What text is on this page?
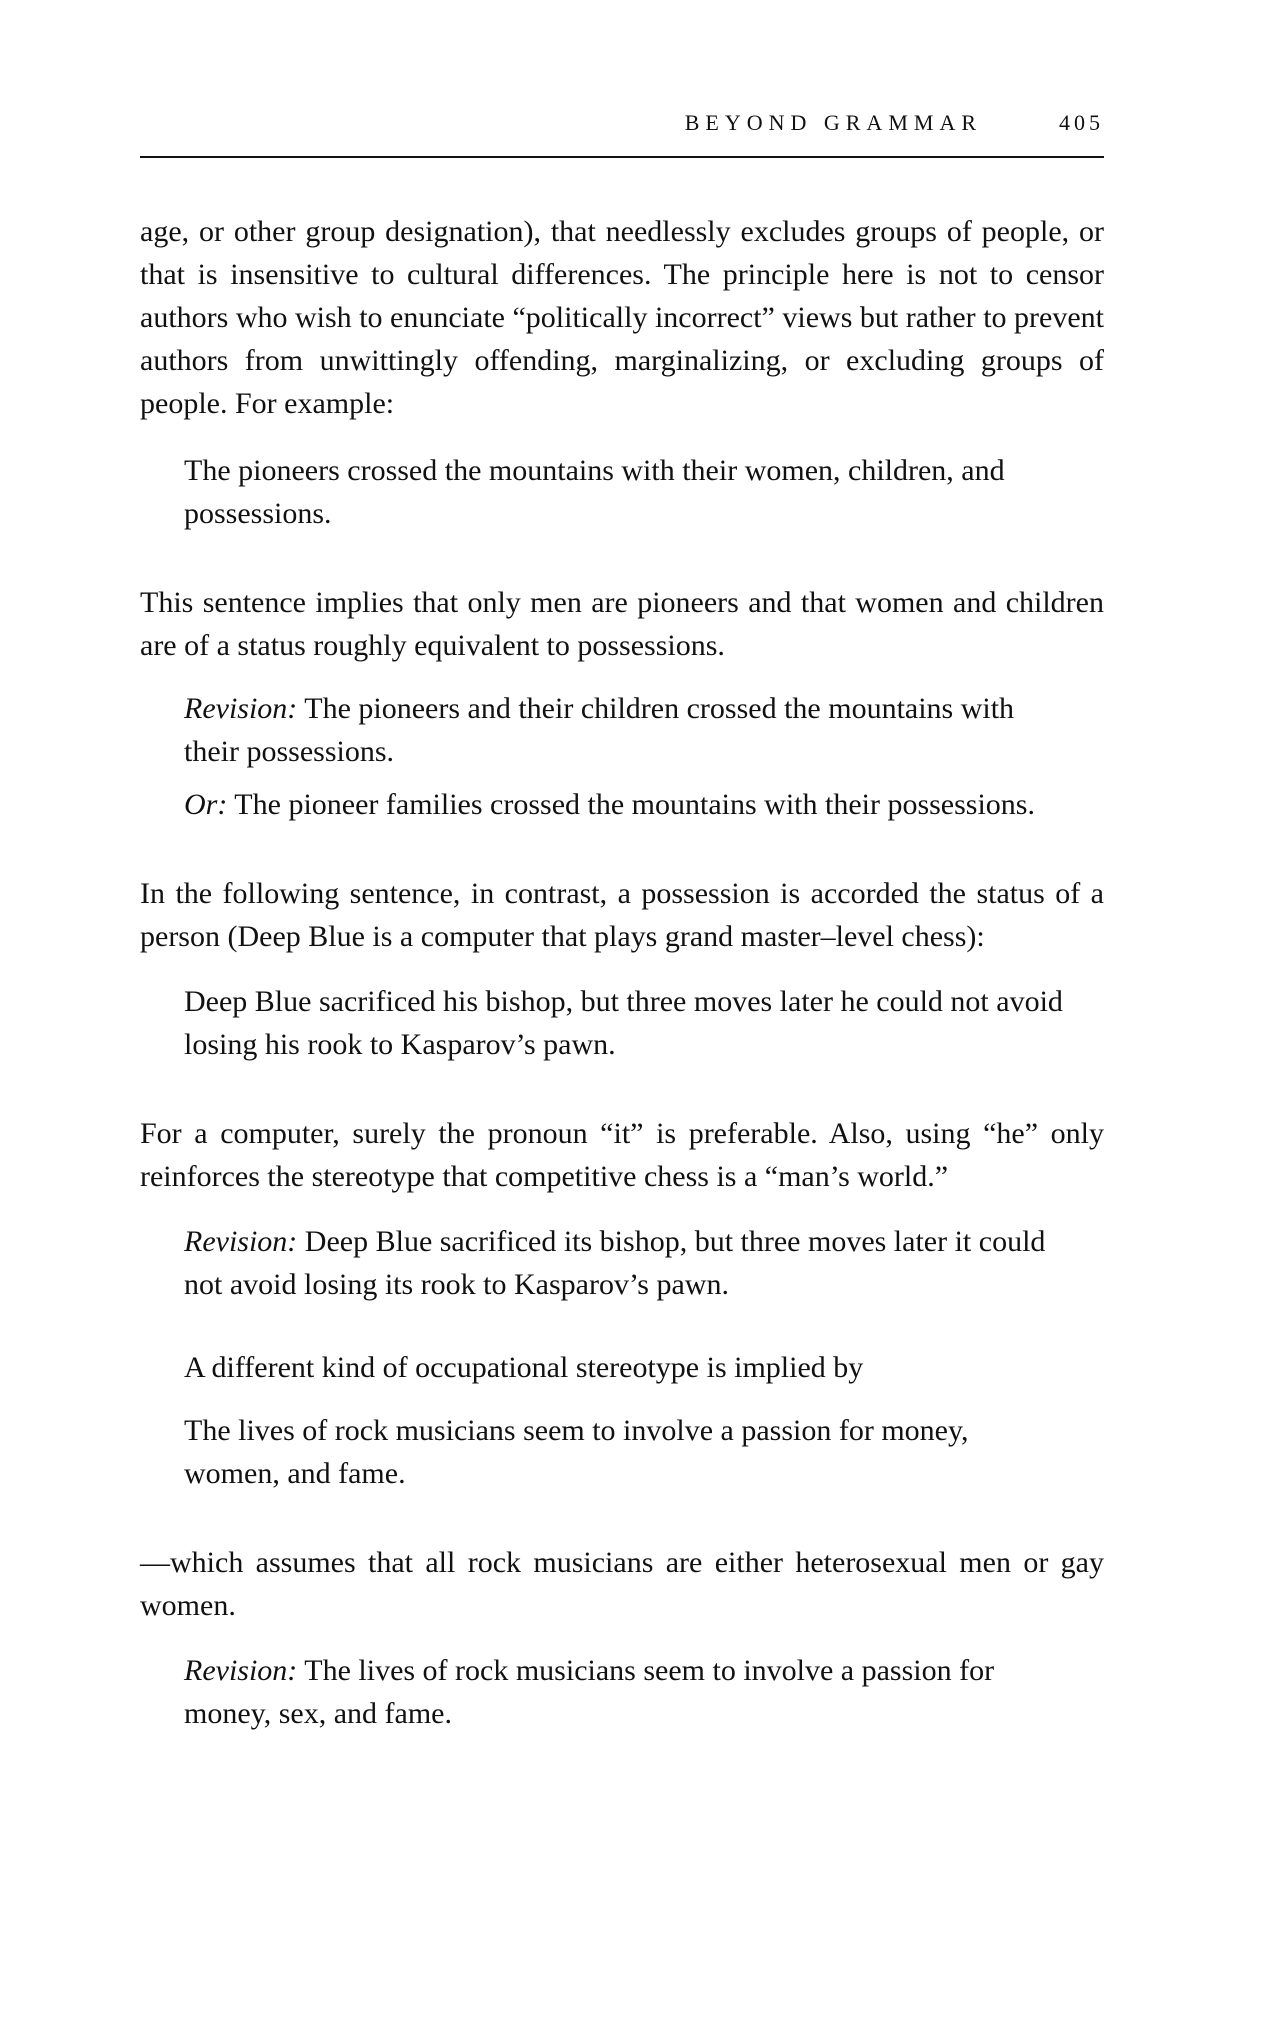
BEYOND GRAMMAR	405

age, or other group designation), that needlessly excludes groups of people, or that is insensitive to cultural differences. The principle here is not to censor authors who wish to enunciate “politically incorrect” views but rather to prevent authors from unwittingly offending, marginalizing, or excluding groups of people. For example:

The pioneers crossed the mountains with their women, children, and possessions.

This sentence implies that only men are pioneers and that women and children are of a status roughly equivalent to possessions.

Revision: The pioneers and their children crossed the mountains with their possessions.

Or: The pioneer families crossed the mountains with their possessions.

In the following sentence, in contrast, a possession is accorded the status of a person (Deep Blue is a computer that plays grand master–level chess):

Deep Blue sacrificed his bishop, but three moves later he could not avoid losing his rook to Kasparov’s pawn.

For a computer, surely the pronoun “it” is preferable. Also, using “he” only reinforces the stereotype that competitive chess is a “man’s world.”

Revision: Deep Blue sacrificed its bishop, but three moves later it could not avoid losing its rook to Kasparov’s pawn.

A different kind of occupational stereotype is implied by

The lives of rock musicians seem to involve a passion for money, women, and fame.

—which assumes that all rock musicians are either heterosexual men or gay women.

Revision: The lives of rock musicians seem to involve a passion for money, sex, and fame.
